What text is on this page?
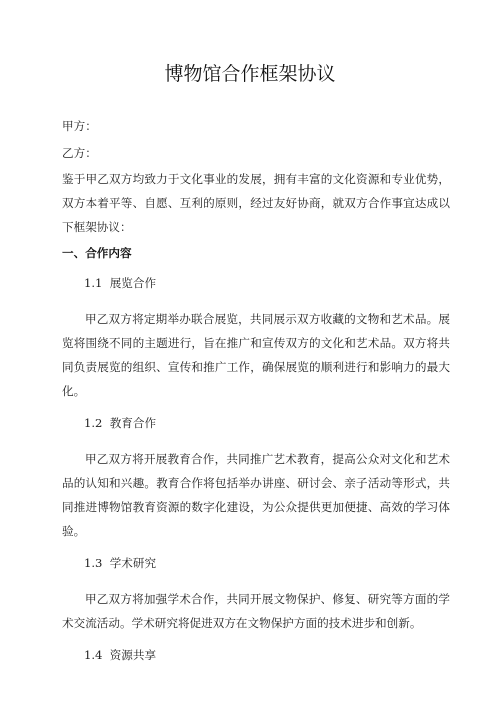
博物馆合作框架协议
甲方：
乙方：

鉴于甲乙双方均致力于文化事业的发展，拥有丰富的文化资源和专业优势，双方本着平等、自愿、互利的原则，经过友好协商，就双方合作事宜达成以下框架协议：

一、合作内容
1.1 展览合作

甲乙双方将定期举办联合展览，共同展示双方收藏的文物和艺术品。展览将围绕不同的主题进行，旨在推广和宣传双方的文化和艺术品。双方将共同负责展览的组织、宣传和推广工作，确保展览的顺利进行和影响力的最大化。

1.2 教育合作

甲乙双方将开展教育合作，共同推广艺术教育，提高公众对文化和艺术品的认知和兴趣。教育合作将包括举办讲座、研讨会、亲子活动等形式，共同推进博物馆教育资源的数字化建设，为公众提供更加便捷、高效的学习体验。

1.3 学术研究

甲乙双方将加强学术合作，共同开展文物保护、修复、研究等方面的学术交流活动。学术研究将促进双方在文物保护方面的技术进步和创新。

1.4 资源共享
